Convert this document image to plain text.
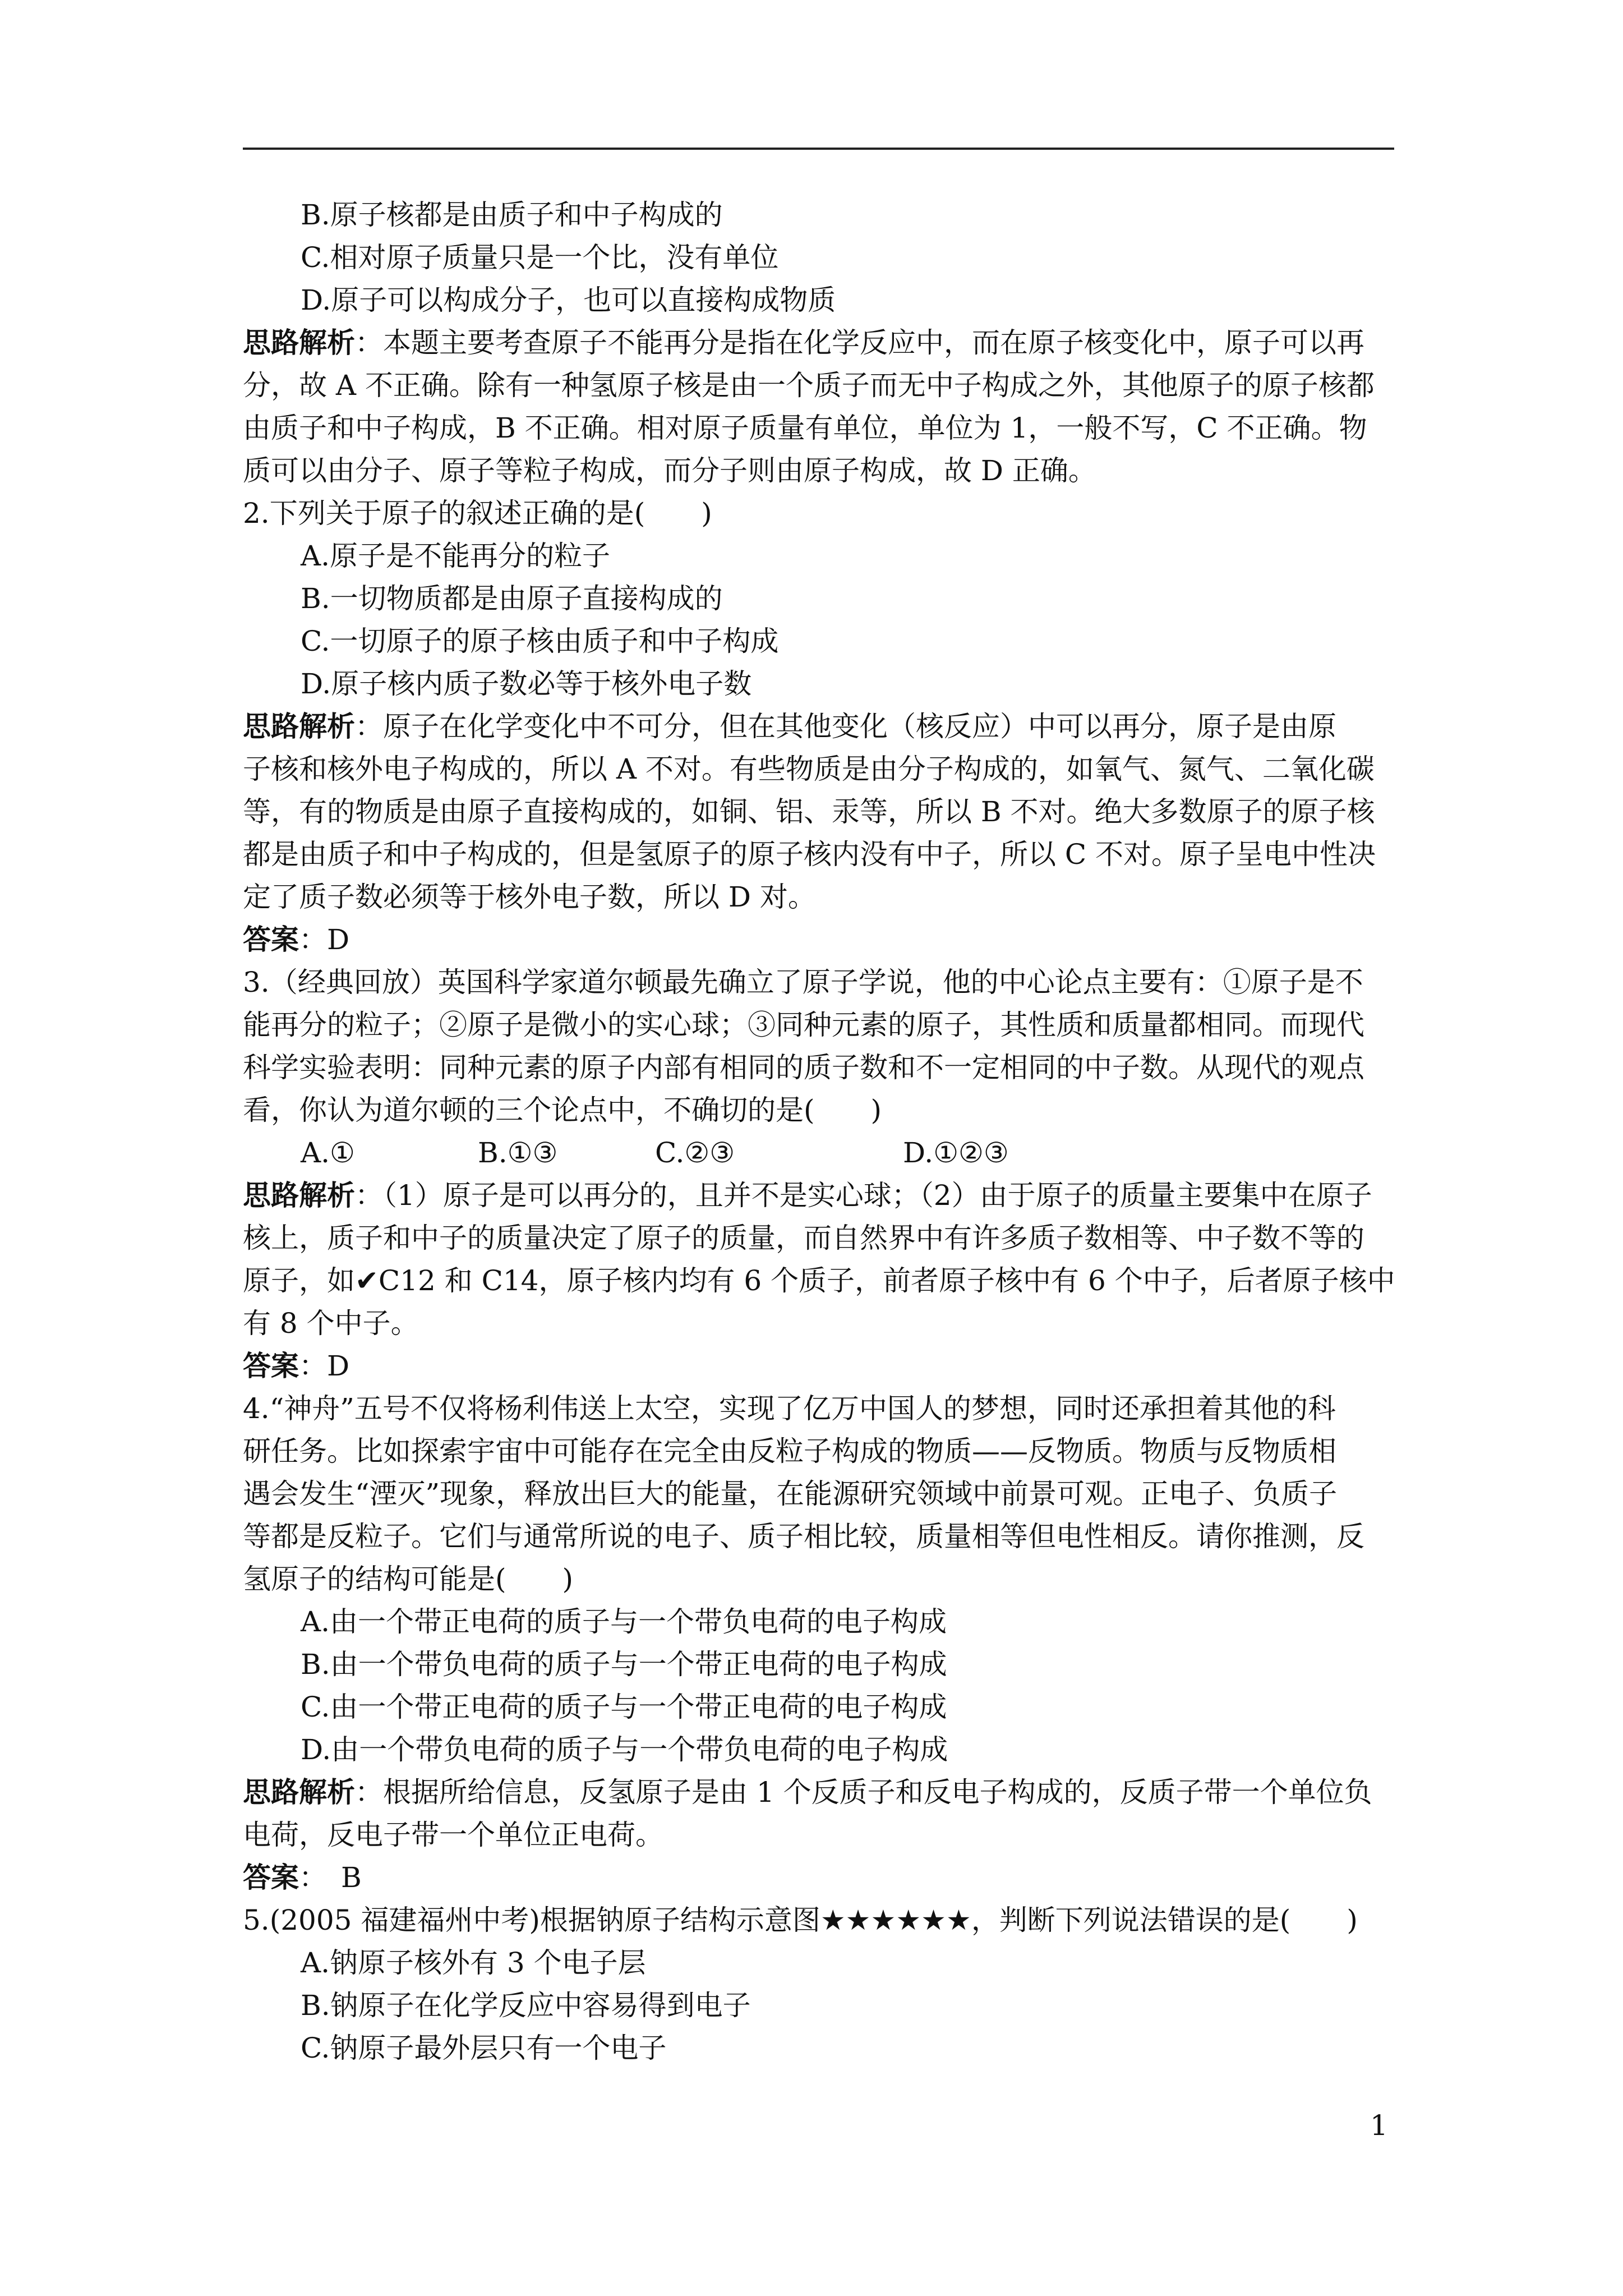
B.原子核都是由质子和中子构成的
C.相对原子质量只是一个比，没有单位
D.原子可以构成分子，也可以直接构成物质
思路解析：本题主要考查原子不能再分是指在化学反应中，而在原子核变化中，原子可以再
分，故 A 不正确。除有一种氢原子核是由一个质子而无中子构成之外，其他原子的原子核都
由质子和中子构成，B 不正确。相对原子质量有单位，单位为 1，一般不写，C 不正确。物
质可以由分子、原子等粒子构成，而分子则由原子构成，故 D 正确。
2.下列关于原子的叙述正确的是(　　)
A.原子是不能再分的粒子
B.一切物质都是由原子直接构成的
C.一切原子的原子核由质子和中子构成
D.原子核内质子数必等于核外电子数
思路解析：原子在化学变化中不可分，但在其他变化（核反应）中可以再分，原子是由原
子核和核外电子构成的，所以 A 不对。有些物质是由分子构成的，如氧气、氮气、二氧化碳
等，有的物质是由原子直接构成的，如铜、铝、汞等，所以 B 不对。绝大多数原子的原子核
都是由质子和中子构成的，但是氢原子的原子核内没有中子，所以 C 不对。原子呈电中性决
定了质子数必须等于核外电子数，所以 D 对。
答案：D
3.（经典回放）英国科学家道尔顿最先确立了原子学说，他的中心论点主要有：①原子是不
能再分的粒子；②原子是微小的实心球；③同种元素的原子，其性质和质量都相同。而现代
科学实验表明：同种元素的原子内部有相同的质子数和不一定相同的中子数。从现代的观点
看，你认为道尔顿的三个论点中，不确切的是(　　)
A.①	B.①③	C.②③	D.①②③
思路解析：（1）原子是可以再分的，且并不是实心球；（2）由于原子的质量主要集中在原子
核上，质子和中子的质量决定了原子的质量，而自然界中有许多质子数相等、中子数不等的
原子，如✔C12 和 C14，原子核内均有 6 个质子，前者原子核中有 6 个中子，后者原子核中
有 8 个中子。
答案：D
4.“神舟”五号不仅将杨利伟送上太空，实现了亿万中国人的梦想，同时还承担着其他的科
研任务。比如探索宇宙中可能存在完全由反粒子构成的物质——反物质。物质与反物质相
遇会发生“湮灭”现象，释放出巨大的能量，在能源研究领域中前景可观。正电子、负质子
等都是反粒子。它们与通常所说的电子、质子相比较，质量相等但电性相反。请你推测，反
氢原子的结构可能是(　　)
A.由一个带正电荷的质子与一个带负电荷的电子构成
B.由一个带负电荷的质子与一个带正电荷的电子构成
C.由一个带正电荷的质子与一个带正电荷的电子构成
D.由一个带负电荷的质子与一个带负电荷的电子构成
思路解析：根据所给信息，反氢原子是由 1 个反质子和反电子构成的，反质子带一个单位负
电荷，反电子带一个单位正电荷。
答案：　B
5.(2005 福建福州中考)根据钠原子结构示意图★★★★★★，判断下列说法错误的是(　　)
A.钠原子核外有 3 个电子层
B.钠原子在化学反应中容易得到电子
C.钠原子最外层只有一个电子
1
